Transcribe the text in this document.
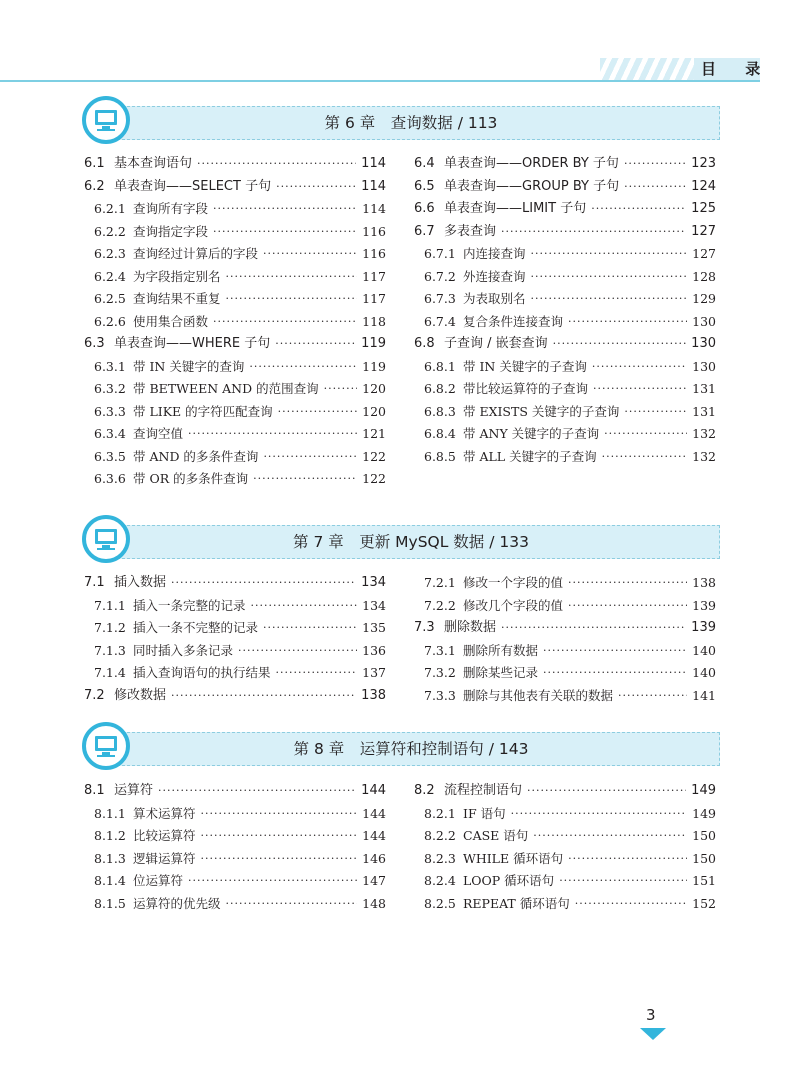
目 录
第 6 章　查询数据 / 113
6.1 基本查询语句 ·····	114
6.2 单表查询——SELECT 子句 ·····	114
6.2.1 查询所有字段 ·····	114
6.2.2 查询指定字段 ·····	116
6.2.3 查询经过计算后的字段 ·····	116
6.2.4 为字段指定别名 ·····	117
6.2.5 查询结果不重复 ·····	117
6.2.6 使用集合函数 ·····	118
6.3 单表查询——WHERE 子句 ·····	119
6.3.1 带 IN 关键字的查询 ·····	119
6.3.2 带 BETWEEN AND 的范围查询 ·····	120
6.3.3 带 LIKE 的字符匹配查询 ·····	120
6.3.4 查询空值 ·····	121
6.3.5 带 AND 的多条件查询 ·····	122
6.3.6 带 OR 的多条件查询 ·····	122
6.4 单表查询——ORDER BY 子句 ·····	123
6.5 单表查询——GROUP BY 子句 ·····	124
6.6 单表查询——LIMIT 子句 ·····	125
6.7 多表查询 ·····	127
6.7.1 内连接查询 ·····	127
6.7.2 外连接查询 ·····	128
6.7.3 为表取别名 ·····	129
6.7.4 复合条件连接查询 ·····	130
6.8 子查询 / 嵌套查询 ·····	130
6.8.1 带 IN 关键字的子查询 ·····	130
6.8.2 带比较运算符的子查询 ·····	131
6.8.3 带 EXISTS 关键字的子查询 ·····	131
6.8.4 带 ANY 关键字的子查询 ·····	132
6.8.5 带 ALL 关键字的子查询 ·····	132
第 7 章　更新 MySQL 数据 / 133
7.1 插入数据 ·····	134
7.1.1 插入一条完整的记录 ·····	134
7.1.2 插入一条不完整的记录 ·····	135
7.1.3 同时插入多条记录 ·····	136
7.1.4 插入查询语句的执行结果 ·····	137
7.2 修改数据 ·····	138
7.2.1 修改一个字段的值 ·····	138
7.2.2 修改几个字段的值 ·····	139
7.3 删除数据 ·····	139
7.3.1 删除所有数据 ·····	140
7.3.2 删除某些记录 ·····	140
7.3.3 删除与其他表有关联的数据 ·····	141
第 8 章　运算符和控制语句 / 143
8.1 运算符 ·····	144
8.1.1 算术运算符 ·····	144
8.1.2 比较运算符 ·····	144
8.1.3 逻辑运算符 ·····	146
8.1.4 位运算符 ·····	147
8.1.5 运算符的优先级 ·····	148
8.2 流程控制语句 ·····	149
8.2.1 IF 语句 ·····	149
8.2.2 CASE 语句 ·····	150
8.2.3 WHILE 循环语句 ·····	150
8.2.4 LOOP 循环语句 ·····	151
8.2.5 REPEAT 循环语句 ·····	152
3
